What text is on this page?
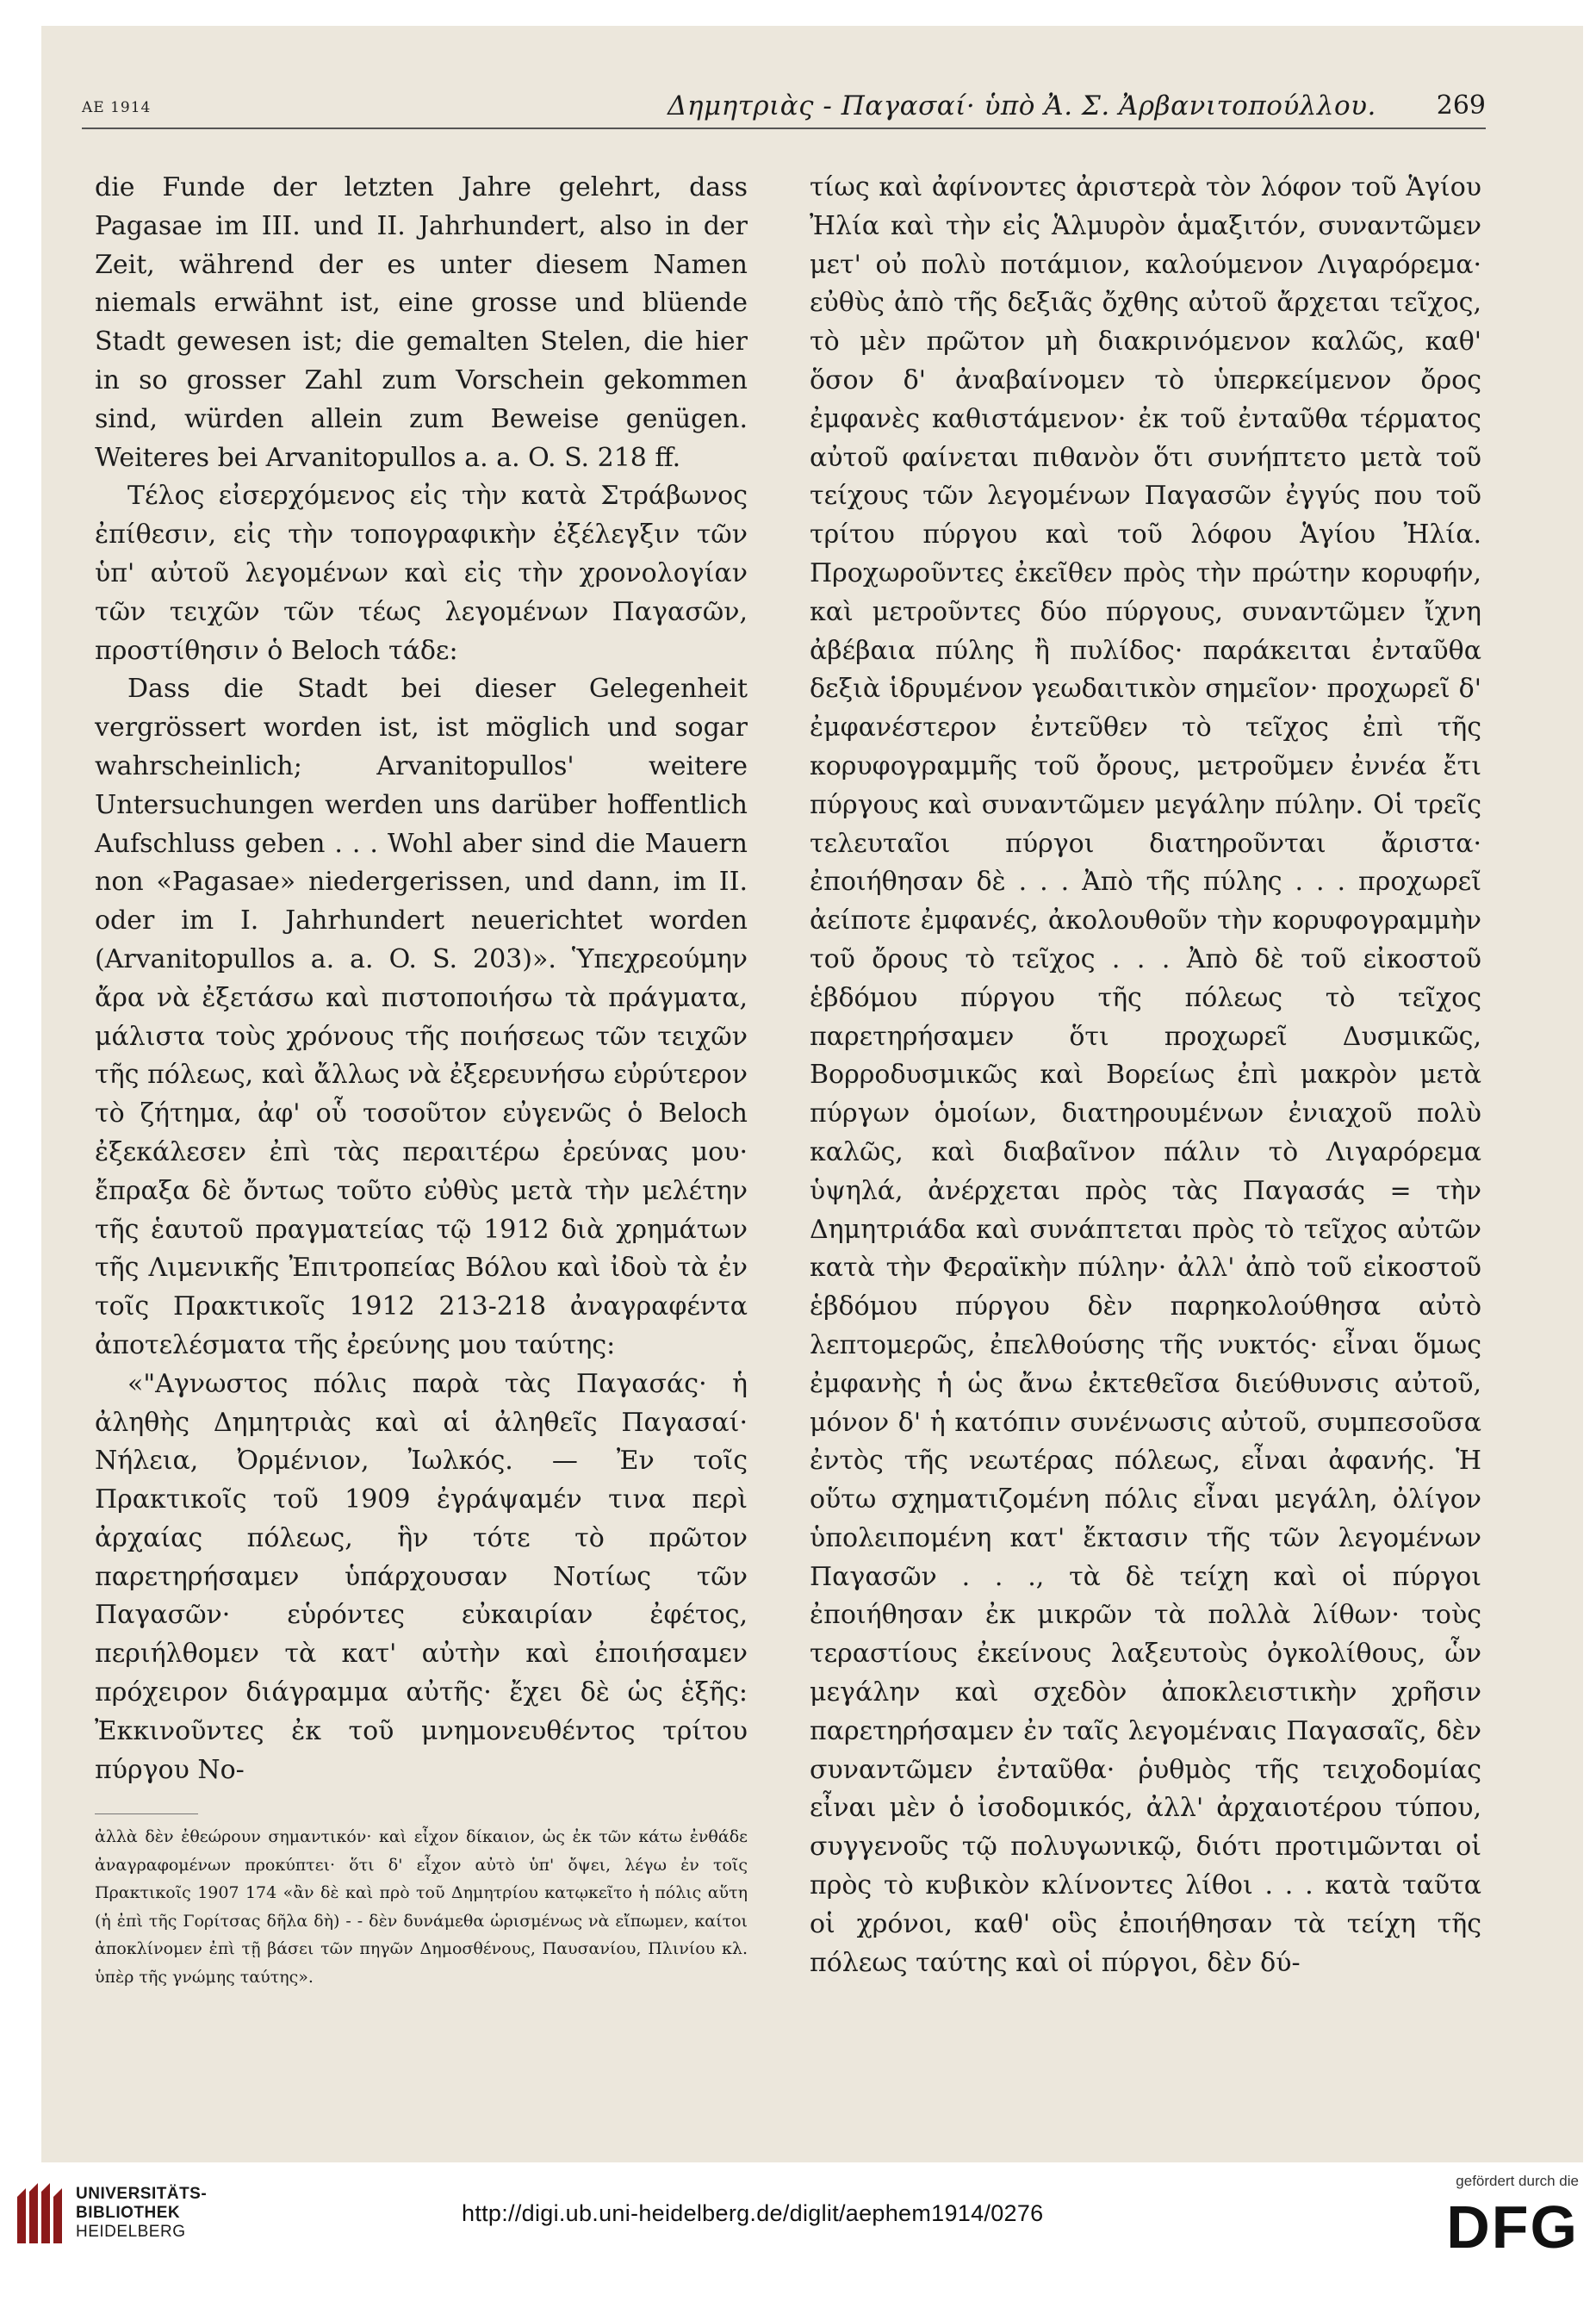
ΑΕ 1914	Δημητριὰς - Παγασαί· ὑπὸ Ἀ. Σ. Ἀρβανιτοπούλλου. 269

die Funde der letzten Jahre gelehrt, dass Pagasae im III. und II. Jahrhundert, also in der Zeit, während der es unter diesem Namen niemals erwähnt ist, eine grosse und blüende Stadt gewesen ist; die gemalten Stelen, die hier in so grosser Zahl zum Vorschein gekommen sind, würden allein zum Beweise genügen. Weiteres bei Arvanitopullos a. a. O. S. 218 ff.

Τέλος εἰσερχόμενος εἰς τὴν κατὰ Στράβωνος ἐπίθεσιν, εἰς τὴν τοπογραφικὴν ἐξέλεγξιν τῶν ὑπ' αὐτοῦ λεγομένων καὶ εἰς τὴν χρονολογίαν τῶν τειχῶν τῶν τέως λεγομένων Παγασῶν, προστίθησιν ὁ Beloch τάδε:

Dass die Stadt bei dieser Gelegenheit vergrössert worden ist, ist möglich und sogar wahrscheinlich; Arvanitopullos' weitere Untersuchungen werden uns darüber hoffentlich Aufschluss geben . . . Wohl aber sind die Mauern non «Pagasae» niedergerissen, und dann, im II. oder im I. Jahrhundert neuerichtet worden (Arvanitopullos a. a. O. S. 203)». Ὑπεχρεούμην ἄρα νὰ ἐξετάσω καὶ πιστοποιήσω τὰ πράγματα, μάλιστα τοὺς χρόνους τῆς ποιήσεως τῶν τειχῶν τῆς πόλεως, καὶ ἄλλως νὰ ἐξερευνήσω εὐρύτερον τὸ ζήτημα, ἀφ' οὗ τοσοῦτον εὐγενῶς ὁ Beloch ἐξεκάλεσεν ἐπὶ τὰς περαιτέρω ἐρεύνας μου· ἔπραξα δὲ ὄντως τοῦτο εὐθὺς μετὰ τὴν μελέτην τῆς ἑαυτοῦ πραγματείας τῷ 1912 διὰ χρημάτων τῆς Λιμενικῆς Ἐπιτροπείας Βόλου καὶ ἰδοὺ τὰ ἐν τοῖς Πρακτικοῖς 1912 213-218 ἀναγραφέντα ἀποτελέσματα τῆς ἐρεύνης μου ταύτης:

«"Αγνωστος πόλις παρὰ τὰς Παγασάς· ἡ ἀληθὴς Δημητριὰς καὶ αἱ ἀληθεῖς Παγασαί· Νήλεια, Ὀρμένιον, Ἰωλκός. — Ἐν τοῖς Πρακτικοῖς τοῦ 1909 ἐγράψαμέν τινα περὶ ἀρχαίας πόλεως, ἣν τότε τὸ πρῶτον παρετηρήσαμεν ὑπάρχουσαν Νοτίως τῶν Παγασῶν· εὑρόντες εὐκαιρίαν ἐφέτος, περιήλθομεν τὰ κατ' αὐτὴν καὶ ἐποιήσαμεν πρόχειρον διάγραμμα αὐτῆς· ἔχει δὲ ὡς ἑξῆς: Ἐκκινοῦντες ἐκ τοῦ μνημονευθέντος τρίτου πύργου Νο-

ἀλλὰ δὲν ἐθεώρουν σημαντικόν· καὶ εἶχον δίκαιον, ὡς ἐκ τῶν κάτω ἐνθάδε ἀναγραφομένων προκύπτει· ὅτι δ' εἶχον αὐτὸ ὑπ' ὄψει, λέγω ἐν τοῖς Πρακτικοῖς 1907 174 «ἂν δὲ καὶ πρὸ τοῦ Δημητρίου κατῳκεῖτο ἡ πόλις αὕτη (ἡ ἐπὶ τῆς Γορίτσας δῆλα δὴ) - - δὲν δυνάμεθα ὡρισμένως νὰ εἴπωμεν, καίτοι ἀποκλίνομεν ἐπὶ τῇ βάσει τῶν πηγῶν Δημοσθένους, Παυσανίου, Πλινίου κλ. ὑπὲρ τῆς γνώμης ταύτης».

τίως καὶ ἀφίνοντες ἀριστερὰ τὸν λόφον τοῦ Ἁγίου Ἠλία καὶ τὴν εἰς Ἁλμυρὸν ἁμαξιτόν, συναντῶμεν μετ' οὐ πολὺ ποτάμιον, καλούμενον Λιγαρόρεμα· εὐθὺς ἀπὸ τῆς δεξιᾶς ὄχθης αὐτοῦ ἄρχεται τεῖχος, τὸ μὲν πρῶτον μὴ διακρινόμενον καλῶς, καθ' ὅσον δ' ἀναβαίνομεν τὸ ὑπερκείμενον ὄρος ἐμφανὲς καθιστάμενον· ἐκ τοῦ ἐνταῦθα τέρματος αὐτοῦ φαίνεται πιθανὸν ὅτι συνήπτετο μετὰ τοῦ τείχους τῶν λεγομένων Παγασῶν ἐγγύς που τοῦ τρίτου πύργου καὶ τοῦ λόφου Ἁγίου Ἠλία. Προχωροῦντες ἐκεῖθεν πρὸς τὴν πρώτην κορυφήν, καὶ μετροῦντες δύο πύργους, συναντῶμεν ἴχνη ἀβέβαια πύλης ἢ πυλίδος· παράκειται ἐνταῦθα δεξιὰ ἱδρυμένον γεωδαιτικὸν σημεῖον· προχωρεῖ δ' ἐμφανέστερον ἐντεῦθεν τὸ τεῖχος ἐπὶ τῆς κορυφογραμμῆς τοῦ ὄρους, μετροῦμεν ἐννέα ἔτι πύργους καὶ συναντῶμεν μεγάλην πύλην. Οἱ τρεῖς τελευταῖοι πύργοι διατηροῦνται ἄριστα· ἐποιήθησαν δὲ . . . Ἀπὸ τῆς πύλης . . . προχωρεῖ ἀείποτε ἐμφανές, ἀκολουθοῦν τὴν κορυφογραμμὴν τοῦ ὄρους τὸ τεῖχος . . . Ἀπὸ δὲ τοῦ εἰκοστοῦ ἑβδόμου πύργου τῆς πόλεως τὸ τεῖχος παρετηρήσαμεν ὅτι προχωρεῖ Δυσμικῶς, Βορροδυσμικῶς καὶ Βορείως ἐπὶ μακρὸν μετὰ πύργων ὁμοίων, διατηρουμένων ἐνιαχοῦ πολὺ καλῶς, καὶ διαβαῖνον πάλιν τὸ Λιγαρόρεμα ὑψηλά, ἀνέρχεται πρὸς τὰς Παγασάς = τὴν Δημητριάδα καὶ συνάπτεται πρὸς τὸ τεῖχος αὐτῶν κατὰ τὴν Φεραϊκὴν πύλην· ἀλλ' ἀπὸ τοῦ εἰκοστοῦ ἑβδόμου πύργου δὲν παρηκολούθησα αὐτὸ λεπτομερῶς, ἐπελθούσης τῆς νυκτός· εἶναι ὅμως ἐμφανὴς ἡ ὡς ἄνω ἐκτεθεῖσα διεύθυνσις αὐτοῦ, μόνον δ' ἡ κατόπιν συνένωσις αὐτοῦ, συμπεσοῦσα ἐντὸς τῆς νεωτέρας πόλεως, εἶναι ἀφανής. Ἡ οὕτω σχηματιζομένη πόλις εἶναι μεγάλη, ὀλίγον ὑπολειπομένη κατ' ἔκτασιν τῆς τῶν λεγομένων Παγασῶν . . ., τὰ δὲ τείχη καὶ οἱ πύργοι ἐποιήθησαν ἐκ μικρῶν τὰ πολλὰ λίθων· τοὺς τεραστίους ἐκείνους λαξευτοὺς ὀγκολίθους, ὧν μεγάλην καὶ σχεδὸν ἀποκλειστικὴν χρῆσιν παρετηρήσαμεν ἐν ταῖς λεγομέναις Παγασαῖς, δὲν συναντῶμεν ἐνταῦθα· ῥυθμὸς τῆς τειχοδομίας εἶναι μὲν ὁ ἰσοδομικός, ἀλλ' ἀρχαιοτέρου τύπου, συγγενοῦς τῷ πολυγωνικῷ, διότι προτιμῶνται οἱ πρὸς τὸ κυβικὸν κλίνοντες λίθοι . . . κατὰ ταῦτα οἱ χρόνοι, καθ' οὓς ἐποιήθησαν τὰ τείχη τῆς πόλεως ταύτης καὶ οἱ πύργοι, δὲν δύ-

UNIVERSITÄTS-
BIBLIOTHEK
HEIDELBERG
http://digi.ub.uni-heidelberg.de/diglit/aephem1914/0276
gefördert durch die
DFG
